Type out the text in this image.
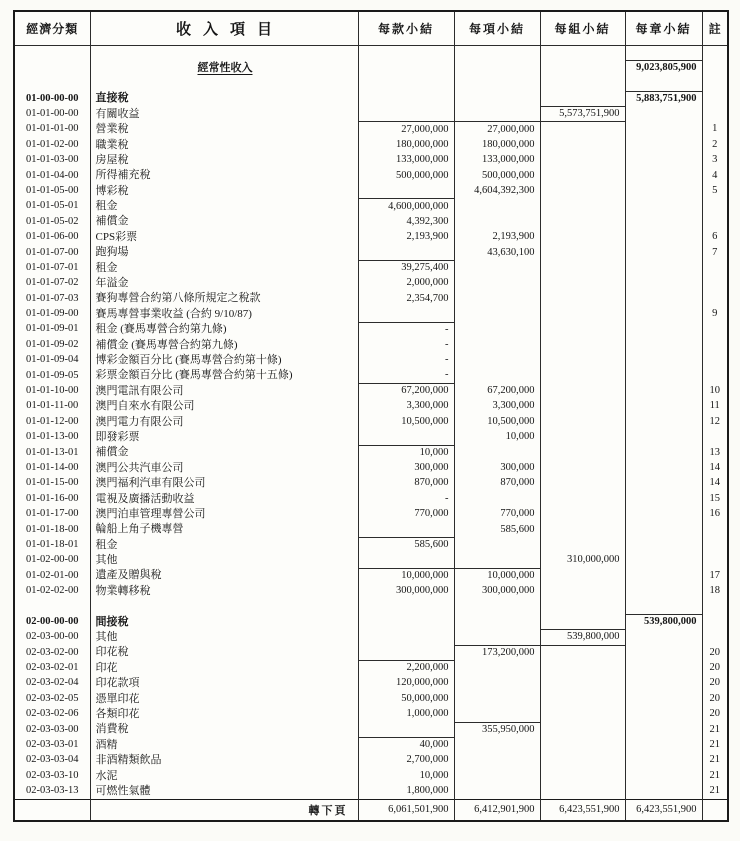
經濟分類	收入項目	每款小結	每項小結	每組小結	每章小結	註

	經常性收入				9,023,805,900	

01-00-00-00	直接稅				5,883,751,900	
01-01-00-00	有關收益			5,573,751,900		
01-01-01-00	營業稅	27,000,000	27,000,000			1
01-01-02-00	職業稅	180,000,000	180,000,000			2
01-01-03-00	房屋稅	133,000,000	133,000,000			3
01-01-04-00	所得補充稅	500,000,000	500,000,000			4
01-01-05-00	博彩稅		4,604,392,300			5
01-01-05-01	租金	4,600,000,000				
01-01-05-02	補償金	4,392,300				
01-01-06-00	CPS彩票	2,193,900	2,193,900			6
01-01-07-00	跑狗場		43,630,100			7
01-01-07-01	租金	39,275,400				
01-01-07-02	年溢金	2,000,000				
01-01-07-03	賽狗專營合約第八條所規定之稅款	2,354,700				
01-01-09-00	賽馬專營事業收益 (合約 9/10/87)					9
01-01-09-01	租金 (賽馬專營合約第九條)	-				
01-01-09-02	補償金 (賽馬專營合約第九條)	-				
01-01-09-04	博彩金額百分比 (賽馬專營合約第十條)	-				
01-01-09-05	彩票金額百分比 (賽馬專營合約第十五條)	-				
01-01-10-00	澳門電訊有限公司	67,200,000	67,200,000			10
01-01-11-00	澳門自來水有限公司	3,300,000	3,300,000			11
01-01-12-00	澳門電力有限公司	10,500,000	10,500,000			12
01-01-13-00	即發彩票		10,000			
01-01-13-01	補償金	10,000				13
01-01-14-00	澳門公共汽車公司	300,000	300,000			14
01-01-15-00	澳門福利汽車有限公司	870,000	870,000			14
01-01-16-00	電視及廣播活動收益	-				15
01-01-17-00	澳門泊車管理專營公司	770,000	770,000			16
01-01-18-00	輪船上角子機專營		585,600			
01-01-18-01	租金	585,600				
01-02-00-00	其他			310,000,000		
01-02-01-00	遺產及贈與稅	10,000,000	10,000,000			17
01-02-02-00	物業轉移稅	300,000,000	300,000,000			18

02-00-00-00	間接稅				539,800,000	
02-03-00-00	其他			539,800,000		
02-03-02-00	印花稅		173,200,000			20
02-03-02-01	印花	2,200,000				20
02-03-02-04	印花款項	120,000,000				20
02-03-02-05	憑單印花	50,000,000				20
02-03-02-06	各類印花	1,000,000				20
02-03-03-00	消費稅		355,950,000			21
02-03-03-01	酒精	40,000				21
02-03-03-04	非酒精類飲品	2,700,000				21
02-03-03-10	水泥	10,000				21
02-03-03-13	可燃性氣體	1,800,000				21
	轉下頁	6,061,501,900	6,412,901,900	6,423,551,900	6,423,551,900	
